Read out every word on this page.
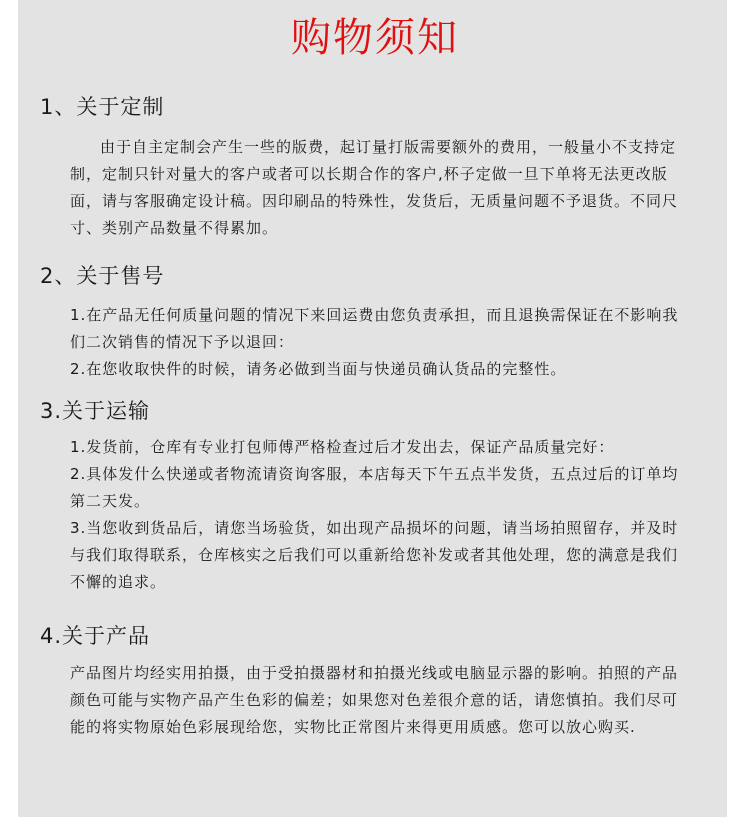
购物须知
1、关于定制
由于自主定制会产生一些的版费，起订量打版需要额外的费用，一般量小不支持定制，定制只针对量大的客户或者可以长期合作的客户,杯子定做一旦下单将无法更改版面，请与客服确定设计稿。因印刷品的特殊性，发货后，无质量问题不予退货。不同尺寸、类别产品数量不得累加。
2、关于售号
1.在产品无任何质量问题的情况下来回运费由您负责承担，而且退换需保证在不影响我们二次销售的情况下予以退回：
2.在您收取快件的时候，请务必做到当面与快递员确认货品的完整性。
3.关于运输
1.发货前，仓库有专业打包师傅严格检查过后才发出去，保证产品质量完好：
2.具体发什么快递或者物流请资询客服，本店每天下午五点半发货，五点过后的订单均第二天发。
3.当您收到货品后，请您当场验货，如出现产品损坏的问题，请当场拍照留存，并及时与我们取得联系，仓库核实之后我们可以重新给您补发或者其他处理，您的满意是我们不懈的追求。
4.关于产品
产品图片均经实用拍摄，由于受拍摄器材和拍摄光线或电脑显示器的影响。拍照的产品颜色可能与实物产品产生色彩的偏差；如果您对色差很介意的话，请您慎拍。我们尽可能的将实物原始色彩展现给您，实物比正常图片来得更用质感。您可以放心购买.
